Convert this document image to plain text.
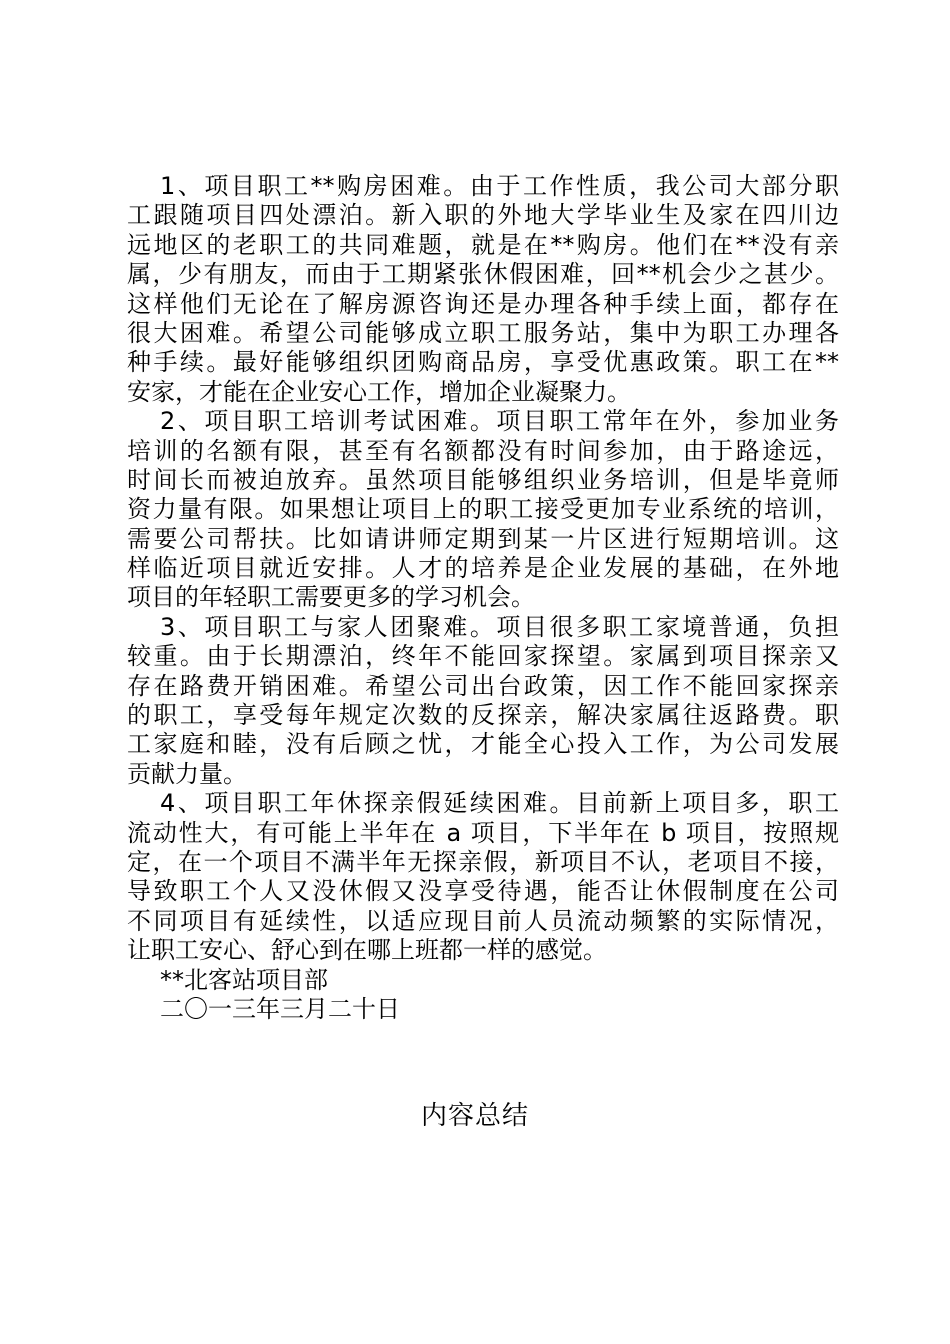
1、项目职工**购房困难。由于工作性质，我公司大部分职
工跟随项目四处漂泊。新入职的外地大学毕业生及家在四川边
远地区的老职工的共同难题，就是在**购房。他们在**没有亲
属，少有朋友，而由于工期紧张休假困难，回**机会少之甚少。
这样他们无论在了解房源咨询还是办理各种手续上面，都存在
很大困难。希望公司能够成立职工服务站，集中为职工办理各
种手续。最好能够组织团购商品房，享受优惠政策。职工在**
安家，才能在企业安心工作，增加企业凝聚力。
2、项目职工培训考试困难。项目职工常年在外，参加业务
培训的名额有限，甚至有名额都没有时间参加，由于路途远，
时间长而被迫放弃。虽然项目能够组织业务培训，但是毕竟师
资力量有限。如果想让项目上的职工接受更加专业系统的培训，
需要公司帮扶。比如请讲师定期到某一片区进行短期培训。这
样临近项目就近安排。人才的培养是企业发展的基础，在外地
项目的年轻职工需要更多的学习机会。
3、项目职工与家人团聚难。项目很多职工家境普通，负担
较重。由于长期漂泊，终年不能回家探望。家属到项目探亲又
存在路费开销困难。希望公司出台政策，因工作不能回家探亲
的职工，享受每年规定次数的反探亲，解决家属往返路费。职
工家庭和睦，没有后顾之忧，才能全心投入工作，为公司发展
贡献力量。
4、项目职工年休探亲假延续困难。目前新上项目多，职工
流动性大，有可能上半年在 a 项目，下半年在 b 项目，按照规
定，在一个项目不满半年无探亲假，新项目不认，老项目不接，
导致职工个人又没休假又没享受待遇，能否让休假制度在公司
不同项目有延续性，以适应现目前人员流动频繁的实际情况，
让职工安心、舒心到在哪上班都一样的感觉。
**北客站项目部
二〇一三年三月二十日
内容总结
